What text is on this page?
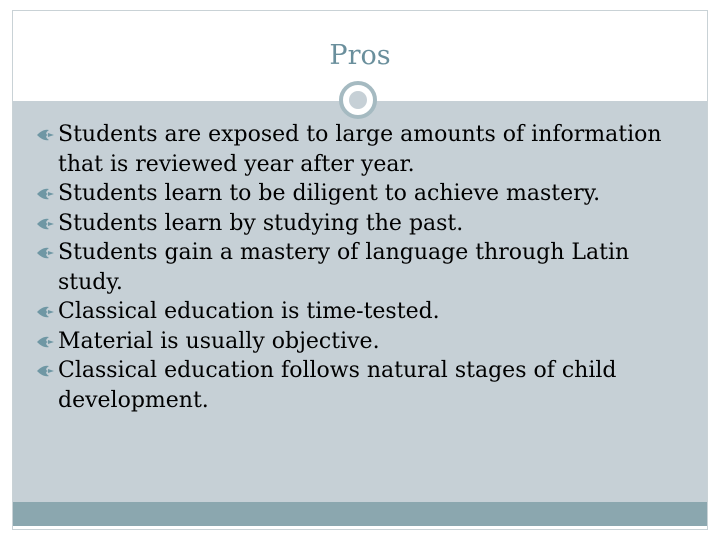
Pros
Students are exposed to large amounts of information that is reviewed year after year.
Students learn to be diligent to achieve mastery.
Students learn by studying the past.
Students gain a mastery of language through Latin study.
Classical education is time-tested.
Material is usually objective.
Classical education follows natural stages of child development.
